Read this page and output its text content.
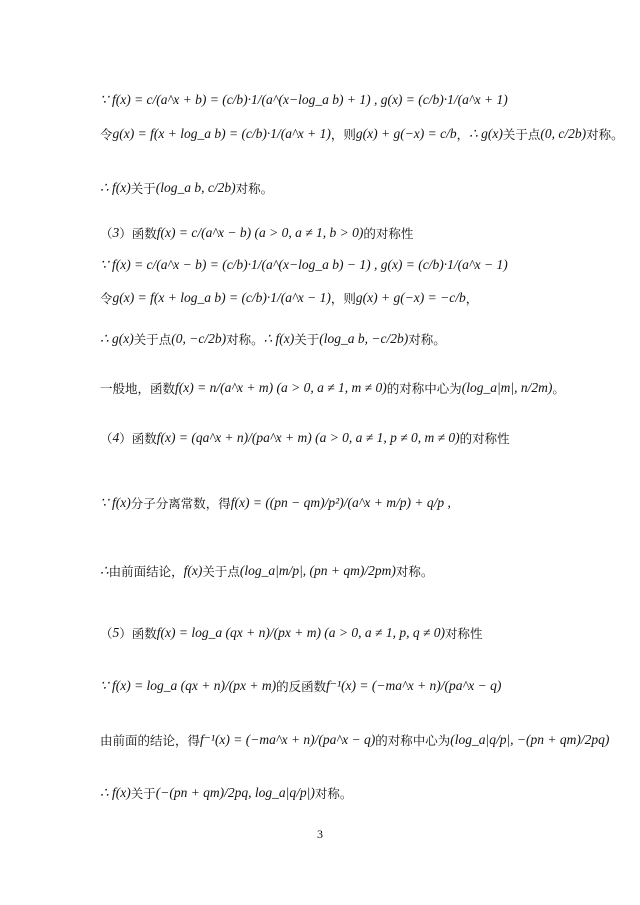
∵ f(x) = c/(a^x + b) = (c/b)·1/(a^(x−log_a b) + 1) , g(x) = (c/b)·1/(a^x + 1)
令 g(x) = f(x + log_a b) = (c/b)·1/(a^x + 1) ，则 g(x) + g(−x) = c/b ， ∴ g(x) 关于点 (0, c/2b) 对称。
∴ f(x) 关于 (log_a b, c/2b) 对称。
（ 3 ）函数 f(x) = c/(a^x − b) (a > 0, a ≠ 1, b > 0) 的对称性
∵ f(x) = c/(a^x − b) = (c/b)·1/(a^(x−log_a b) − 1) , g(x) = (c/b)·1/(a^x − 1)
令 g(x) = f(x + log_a b) = (c/b)·1/(a^x − 1) ，则 g(x) + g(−x) = −c/b ，
∴ g(x) 关于点 (0, −c/2b) 对称。 ∴ f(x) 关于 (log_a b, −c/2b) 对称。
一般地，函数 f(x) = n/(a^x + m) (a > 0, a ≠ 1, m ≠ 0) 的对称中心为 (log_a|m|, n/2m) 。
（ 4 ）函数 f(x) = (qa^x + n)/(pa^x + m) (a > 0, a ≠ 1, p ≠ 0, m ≠ 0) 的对称性
∵ f(x) 分子分离常数，得 f(x) = ((pn − qm)/p²)/(a^x + m/p) + q/p ,
∴ 由前面结论， f(x) 关于点 (log_a|m/p|, (pn + qm)/2pm) 对称。
（ 5 ）函数 f(x) = log_a (qx + n)/(px + m) (a > 0, a ≠ 1, p, q ≠ 0) 对称性
∵ f(x) = log_a (qx + n)/(px + m) 的反函数 f⁻¹(x) = (−ma^x + n)/(pa^x − q)
由前面的结论，得 f⁻¹(x) = (−ma^x + n)/(pa^x − q) 的对称中心为 (log_a|q/p|, −(pn + qm)/2pq)
∴ f(x) 关于 (−(pn + qm)/2pq, log_a|q/p|) 对称。
3
